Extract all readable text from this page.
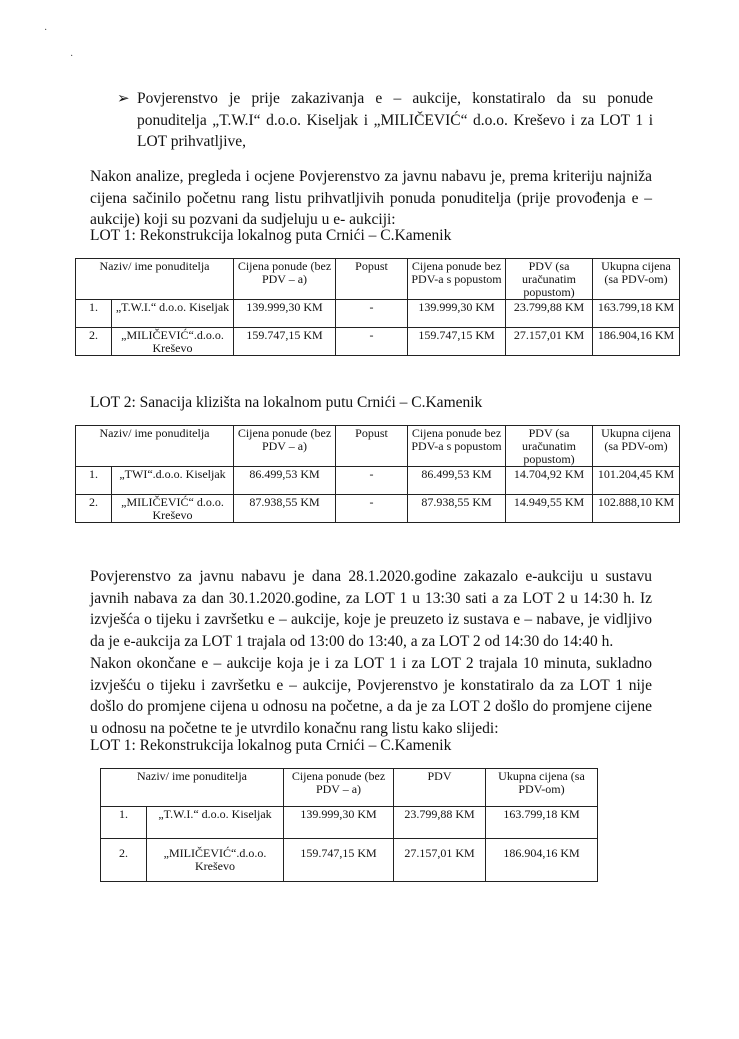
·
·
➢ Povjerenstvo je prije zakazivanja e – aukcije, konstatiralo da su ponude ponuditelja „T.W.I“ d.o.o. Kiseljak i „MILIČEVIĆ“ d.o.o. Kreševo i za LOT 1 i LOT prihvatljive,

Nakon analize, pregleda i ocjene Povjerenstvo za javnu nabavu je, prema kriteriju najniža cijena sačinilo početnu rang listu prihvatljivih ponuda ponuditelja (prije provođenja e – aukcije) koji su pozvani da sudjeluju u e- aukciji:

LOT 1: Rekonstrukcija lokalnog puta Crnići – C.Kamenik

Naziv/ ime ponuditelja		Cijena ponude (bez PDV – a)	Popust	Cijena ponude bez PDV-a s popustom	PDV (sa uračunatim popustom)	Ukupna cijena (sa PDV-om)
1.	„T.W.I.“ d.o.o. Kiseljak	139.999,30 KM	-	139.999,30 KM	23.799,88 KM	163.799,18 KM
2.	„MILIČEVIĆ“.d.o.o. Kreševo	159.747,15 KM	-	159.747,15 KM	27.157,01 KM	186.904,16 KM

LOT 2: Sanacija klizišta na lokalnom putu Crnići – C.Kamenik

Naziv/ ime ponuditelja		Cijena ponude (bez PDV – a)	Popust	Cijena ponude bez PDV-a s popustom	PDV (sa uračunatim popustom)	Ukupna cijena (sa PDV-om)
1.	„TWI“.d.o.o. Kiseljak	86.499,53 KM	-	86.499,53 KM	14.704,92 KM	101.204,45 KM
2.	„MILIČEVIĆ“ d.o.o. Kreševo	87.938,55 KM	-	87.938,55 KM	14.949,55 KM	102.888,10 KM

Povjerenstvo za javnu nabavu je dana 28.1.2020.godine zakazalo e-aukciju u sustavu javnih nabava za dan 30.1.2020.godine, za LOT 1 u 13:30 sati a za LOT 2 u 14:30 h. Iz izvješća o tijeku i završetku e – aukcije, koje je preuzeto iz sustava e – nabave, je vidljivo da je e-aukcija za LOT 1 trajala od 13:00 do 13:40, a za LOT 2 od 14:30 do 14:40 h.

Nakon okončane e – aukcije koja je i za LOT 1 i za LOT 2 trajala 10 minuta, sukladno izvješću o tijeku i završetku e – aukcije, Povjerenstvo je konstatiralo da za LOT 1 nije došlo do promjene cijena u odnosu na početne, a da je za LOT 2 došlo do promjene cijene u odnosu na početne te je utvrdilo konačnu rang listu kako slijedi:

LOT 1: Rekonstrukcija lokalnog puta Crnići – C.Kamenik

Naziv/ ime ponuditelja		Cijena ponude (bez PDV – a)	PDV	Ukupna cijena (sa PDV-om)
1.	„T.W.I.“ d.o.o. Kiseljak	139.999,30 KM	23.799,88 KM	163.799,18 KM
2.	„MILIČEVIĆ“.d.o.o. Kreševo	159.747,15 KM	27.157,01 KM	186.904,16 KM
